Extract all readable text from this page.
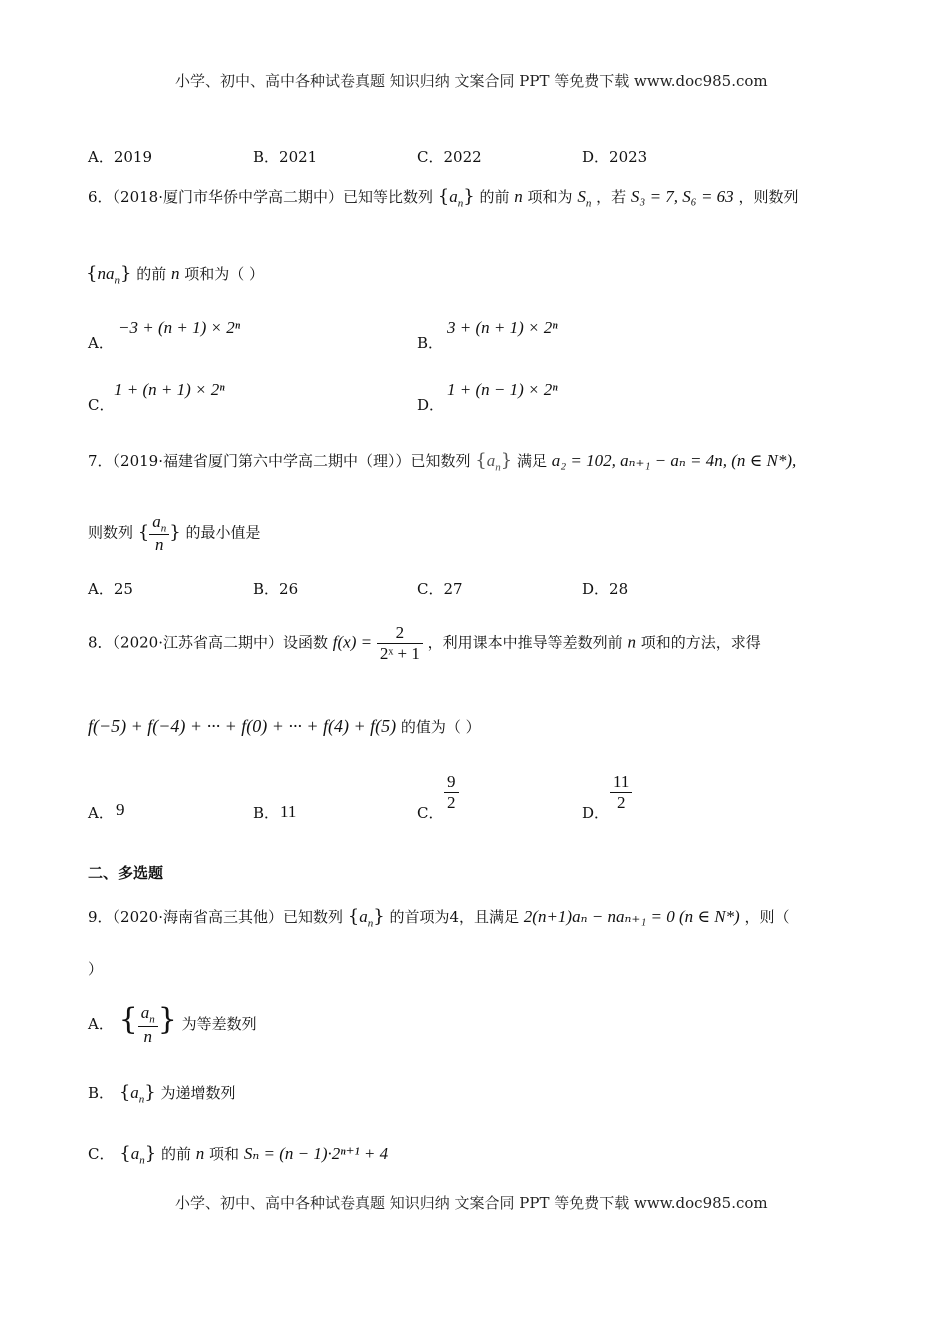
小学、初中、高中各种试卷真题 知识归纳 文案合同 PPT 等免费下载 www.doc985.com
A．2019	B．2021	C．2022	D．2023
6．（2018·厦门市华侨中学高二期中）已知等比数列 $\{a_n\}$ 的前 n 项和为 $S_n$ ，若 S₃ = 7, S₆ = 63 ，则数列
$\{na_n\}$ 的前 n 项和为（ ）
A．
−3 + (n + 1) × 2ⁿ
B．
3 + (n + 1) × 2ⁿ
C．
1 + (n + 1) × 2ⁿ
D．
1 + (n − 1) × 2ⁿ
7．（2019·福建省厦门第六中学高二期中（理））已知数列 $\{a_n\}$ 满足 a₂ = 102, aₙ₊₁ − aₙ = 4n, (n ∈ N*),
则数列 { $\frac{a_n}{n}$ } 的最小值是
A．25	B．26	C．27	D．28
8．（2020·江苏省高二期中）设函数 $f(x) = \frac{2}{\text{2ˣ + 1}}$ ，利用课本中推导等差数列前 n 项和的方法，求得
f(−5) + f(−4) + ··· + f(0) + ··· + f(4) + f(5) 的值为（ ）
A． 9	B． 11	C． $\frac{9}{2}$	D． $\frac{11}{2}$
二、多选题
9．（2020·海南省高三其他）已知数列 $\{a_n\}$ 的首项为4，且满足 2(n+1)aₙ − naₙ₊₁ = 0 (n ∈ N*) ，则（
）
A． { $\frac{a_n}{n}$ } 为等差数列
B． $\{a_n\}$ 为递增数列
C． $\{a_n\}$ 的前 n 项和 Sₙ = (n − 1)·2ⁿ⁺¹ + 4
小学、初中、高中各种试卷真题 知识归纳 文案合同 PPT 等免费下载 www.doc985.com
